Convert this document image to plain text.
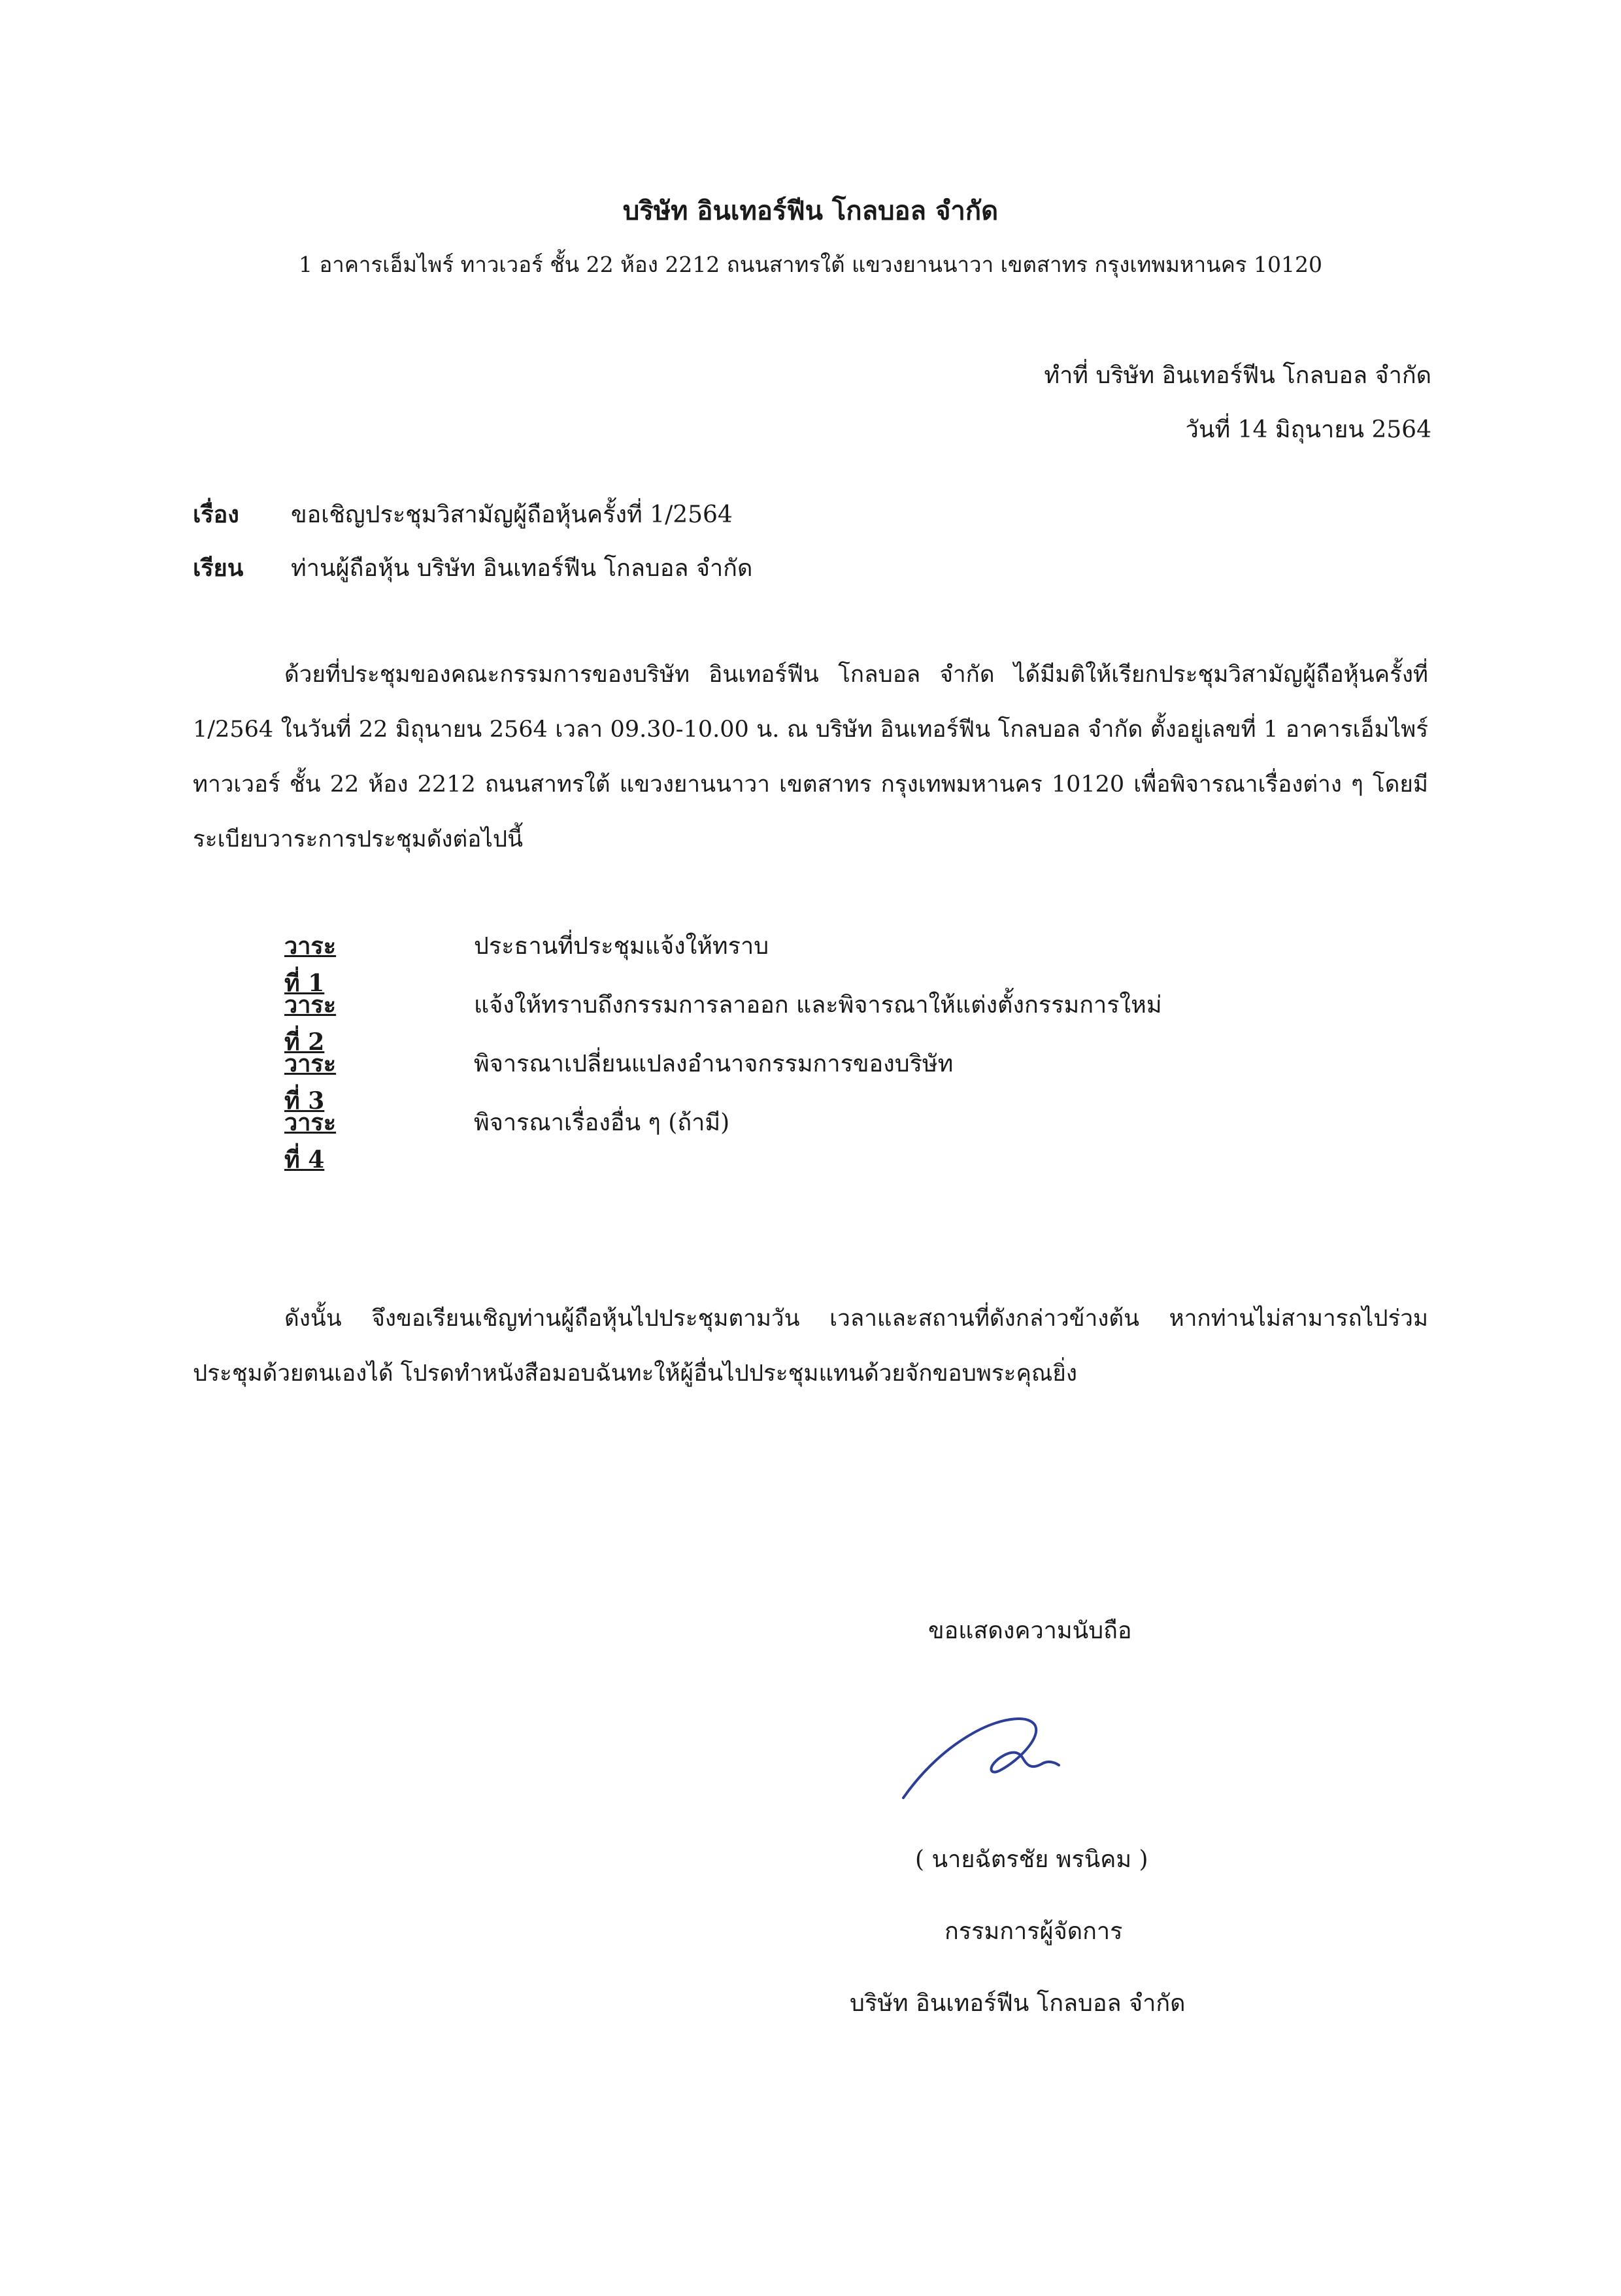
บริษัท อินเทอร์ฟีน โกลบอล จำกัด
1 อาคารเอ็มไพร์ ทาวเวอร์ ชั้น 22 ห้อง 2212 ถนนสาทรใต้ แขวงยานนาวา เขตสาทร กรุงเทพมหานคร 10120
ทำที่ บริษัท อินเทอร์ฟีน โกลบอล จำกัด
วันที่ 14 มิถุนายน 2564
เรื่อง ขอเชิญประชุมวิสามัญผู้ถือหุ้นครั้งที่ 1/2564
เรียน ท่านผู้ถือหุ้น บริษัท อินเทอร์ฟีน โกลบอล จำกัด
ด้วยที่ประชุมของคณะกรรมการของบริษัท อินเทอร์ฟีน โกลบอล จำกัด ได้มีมติให้เรียกประชุมวิสามัญผู้ถือหุ้นครั้งที่ 1/2564 ในวันที่ 22 มิถุนายน 2564 เวลา 09.30-10.00 น. ณ บริษัท อินเทอร์ฟีน โกลบอล จำกัด ตั้งอยู่เลขที่ 1 อาคารเอ็มไพร์ ทาวเวอร์ ชั้น 22 ห้อง 2212 ถนนสาทรใต้ แขวงยานนาวา เขตสาทร กรุงเทพมหานคร 10120 เพื่อพิจารณาเรื่องต่าง ๆ โดยมีระเบียบวาระการประชุมดังต่อไปนี้
วาระที่ 1
ประธานที่ประชุมแจ้งให้ทราบ
วาระที่ 2
แจ้งให้ทราบถึงกรรมการลาออก และพิจารณาให้แต่งตั้งกรรมการใหม่
วาระที่ 3
พิจารณาเปลี่ยนแปลงอำนาจกรรมการของบริษัท
วาระที่ 4
พิจารณาเรื่องอื่น ๆ (ถ้ามี)
ดังนั้น จึงขอเรียนเชิญท่านผู้ถือหุ้นไปประชุมตามวัน เวลาและสถานที่ดังกล่าวข้างต้น หากท่านไม่สามารถไปร่วมประชุมด้วยตนเองได้ โปรดทำหนังสือมอบฉันทะให้ผู้อื่นไปประชุมแทนด้วยจักขอบพระคุณยิ่ง
ขอแสดงความนับถือ
( นายฉัตรชัย พรนิคม )
กรรมการผู้จัดการ
บริษัท อินเทอร์ฟีน โกลบอล จำกัด
